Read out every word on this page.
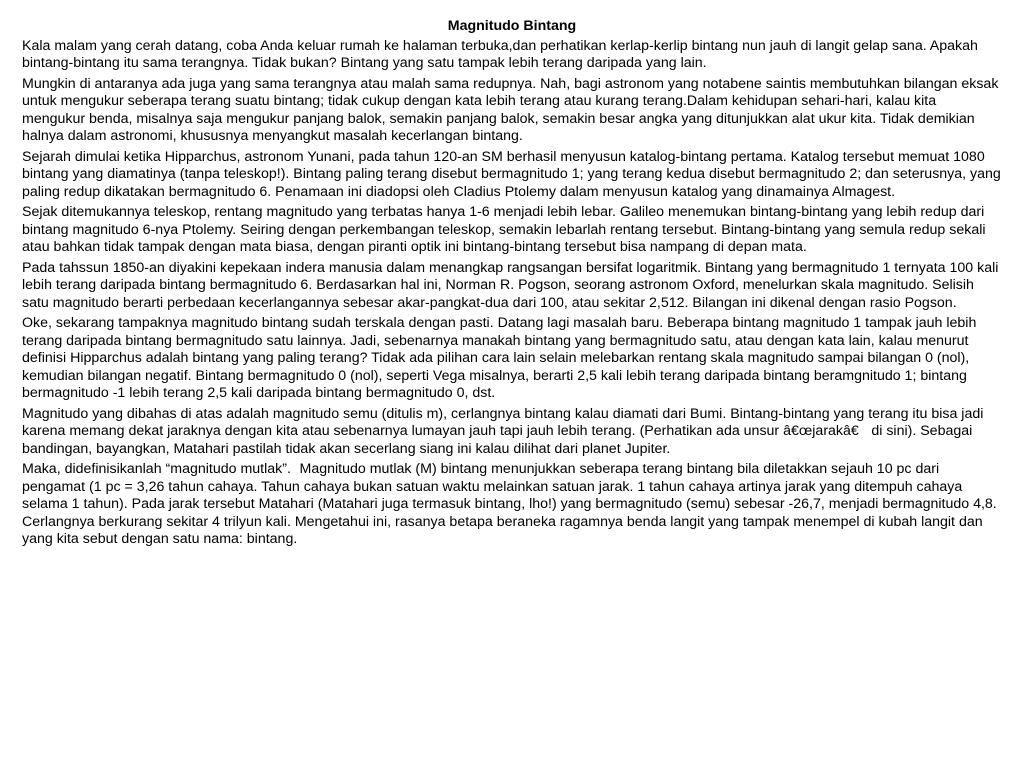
Magnitudo Bintang

Kala malam yang cerah datang, coba Anda keluar rumah ke halaman terbuka,dan perhatikan kerlap-kerlip bintang nun jauh di langit gelap sana. Apakah bintang-bintang itu sama terangnya. Tidak bukan? Bintang yang satu tampak lebih terang daripada yang lain.

Mungkin di antaranya ada juga yang sama terangnya atau malah sama redupnya. Nah, bagi astronom yang notabene saintis membutuhkan bilangan eksak untuk mengukur seberapa terang suatu bintang; tidak cukup dengan kata lebih terang atau kurang terang.Dalam kehidupan sehari-hari, kalau kita mengukur benda, misalnya saja mengukur panjang balok, semakin panjang balok, semakin besar angka yang ditunjukkan alat ukur kita. Tidak demikian halnya dalam astronomi, khususnya menyangkut masalah kecerlangan bintang.

Sejarah dimulai ketika Hipparchus, astronom Yunani, pada tahun 120-an SM berhasil menyusun katalog-bintang pertama. Katalog tersebut memuat 1080 bintang yang diamatinya (tanpa teleskop!). Bintang paling terang disebut bermagnitudo 1; yang terang kedua disebut bermagnitudo 2; dan seterusnya, yang paling redup dikatakan bermagnitudo 6. Penamaan ini diadopsi oleh Cladius Ptolemy dalam menyusun katalog yang dinamainya Almagest.

Sejak ditemukannya teleskop, rentang magnitudo yang terbatas hanya 1-6 menjadi lebih lebar. Galileo menemukan bintang-bintang yang lebih redup dari bintang magnitudo 6-nya Ptolemy. Seiring dengan perkembangan teleskop, semakin lebarlah rentang tersebut. Bintang-bintang yang semula redup sekali atau bahkan tidak tampak dengan mata biasa, dengan piranti optik ini bintang-bintang tersebut bisa nampang di depan mata.

Pada tahssun 1850-an diyakini kepekaan indera manusia dalam menangkap rangsangan bersifat logaritmik. Bintang yang bermagnitudo 1 ternyata 100 kali lebih terang daripada bintang bermagnitudo 6. Berdasarkan hal ini, Norman R. Pogson, seorang astronom Oxford, menelurkan skala magnitudo. Selisih satu magnitudo berarti perbedaan kecerlangannya sebesar akar-pangkat-dua dari 100, atau sekitar 2,512. Bilangan ini dikenal dengan rasio Pogson.

Oke, sekarang tampaknya magnitudo bintang sudah terskala dengan pasti. Datang lagi masalah baru. Beberapa bintang magnitudo 1 tampak jauh lebih terang daripada bintang bermagnitudo satu lainnya. Jadi, sebenarnya manakah bintang yang bermagnitudo satu, atau dengan kata lain, kalau menurut definisi Hipparchus adalah bintang yang paling terang? Tidak ada pilihan cara lain selain melebarkan rentang skala magnitudo sampai bilangan 0 (nol), kemudian bilangan negatif. Bintang bermagnitudo 0 (nol), seperti Vega misalnya, berarti 2,5 kali lebih terang daripada bintang beramgnitudo 1; bintang bermagnitudo -1 lebih terang 2,5 kali daripada bintang bermagnitudo 0, dst.

Magnitudo yang dibahas di atas adalah magnitudo semu (ditulis m), cerlangnya bintang kalau diamati dari Bumi. Bintang-bintang yang terang itu bisa jadi karena memang dekat jaraknya dengan kita atau sebenarnya lumayan jauh tapi jauh lebih terang. (Perhatikan ada unsur â€œjarakâ€ di sini). Sebagai bandingan, bayangkan, Matahari pastilah tidak akan secerlang siang ini kalau dilihat dari planet Jupiter.

Maka, didefinisikanlah “magnitudo mutlak”.Magnitudo mutlak (M) bintang menunjukkan seberapa terang bintang bila diletakkan sejauh 10 pc dari pengamat (1 pc = 3,26 tahun cahaya. Tahun cahaya bukan satuan waktu melainkan satuan jarak. 1 tahun cahaya artinya jarak yang ditempuh cahaya selama 1 tahun). Pada jarak tersebut Matahari (Matahari juga termasuk bintang, lho!) yang bermagnitudo (semu) sebesar -26,7, menjadi bermagnitudo 4,8. Cerlangnya berkurang sekitar 4 trilyun kali. Mengetahui ini, rasanya betapa beraneka ragamnya benda langit yang tampak menempel di kubah langit dan yang kita sebut dengan satu nama: bintang.
